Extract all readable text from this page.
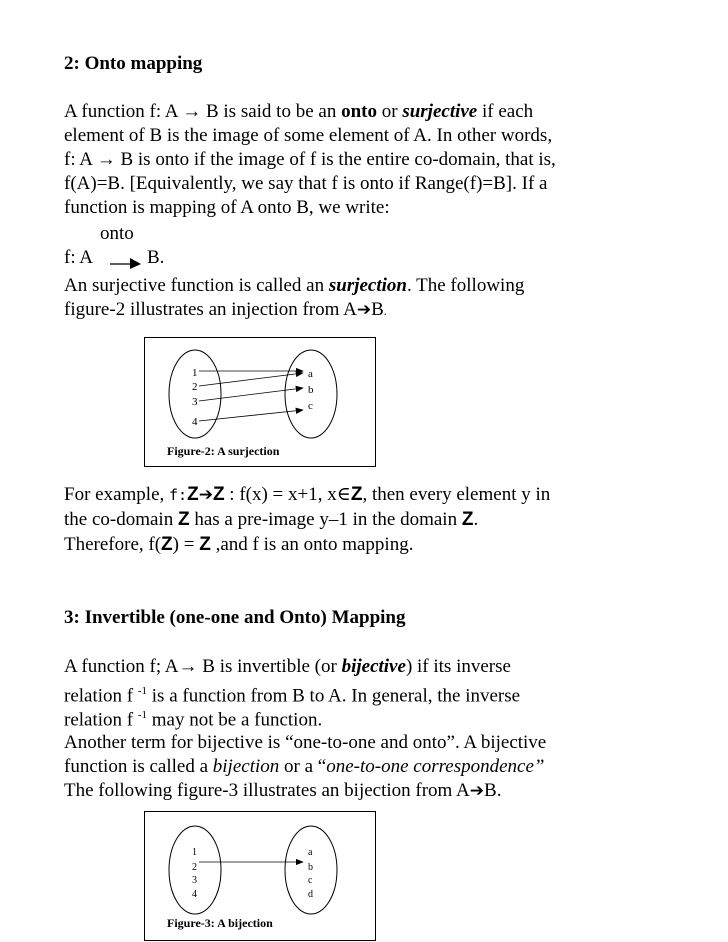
2: Onto mapping

A function f: A → B is said to be an onto or surjective if each

element of B is the image of some element of A. In other words,

f: A → B is onto if the image of f is the entire co-domain, that is,

f(A)=B. [Equivalently, we say that f is onto if Range(f)=B]. If a

function is mapping of A onto B, we write:

onto

f: A	B.

An surjective function is called an surjection. The following

figure-2 illustrates an injection from A➔B.

1
2
3
4
a
b
c
Figure-2: A surjection

For example, f:Z➔Z : f(x) = x+1, x∈Z, then every element y in

the co-domain Z has a pre-image y–1 in the domain Z.

Therefore, f(Z) = Z ,and f is an onto mapping.

3: Invertible (one-one and Onto) Mapping

A function f; A→ B is invertible (or bijective) if its inverse

relation f $^{-1}$ is a function from B to A. In general, the inverse

relation f $^{-1}$ may not be a function.

Another term for bijective is “one-to-one and onto”. A bijective

function is called a bijection or a “one-to-one correspondence”

The following figure-3 illustrates an bijection from A➔B.

1
2
3
4
a
b
c
d
Figure-3: A bijection
